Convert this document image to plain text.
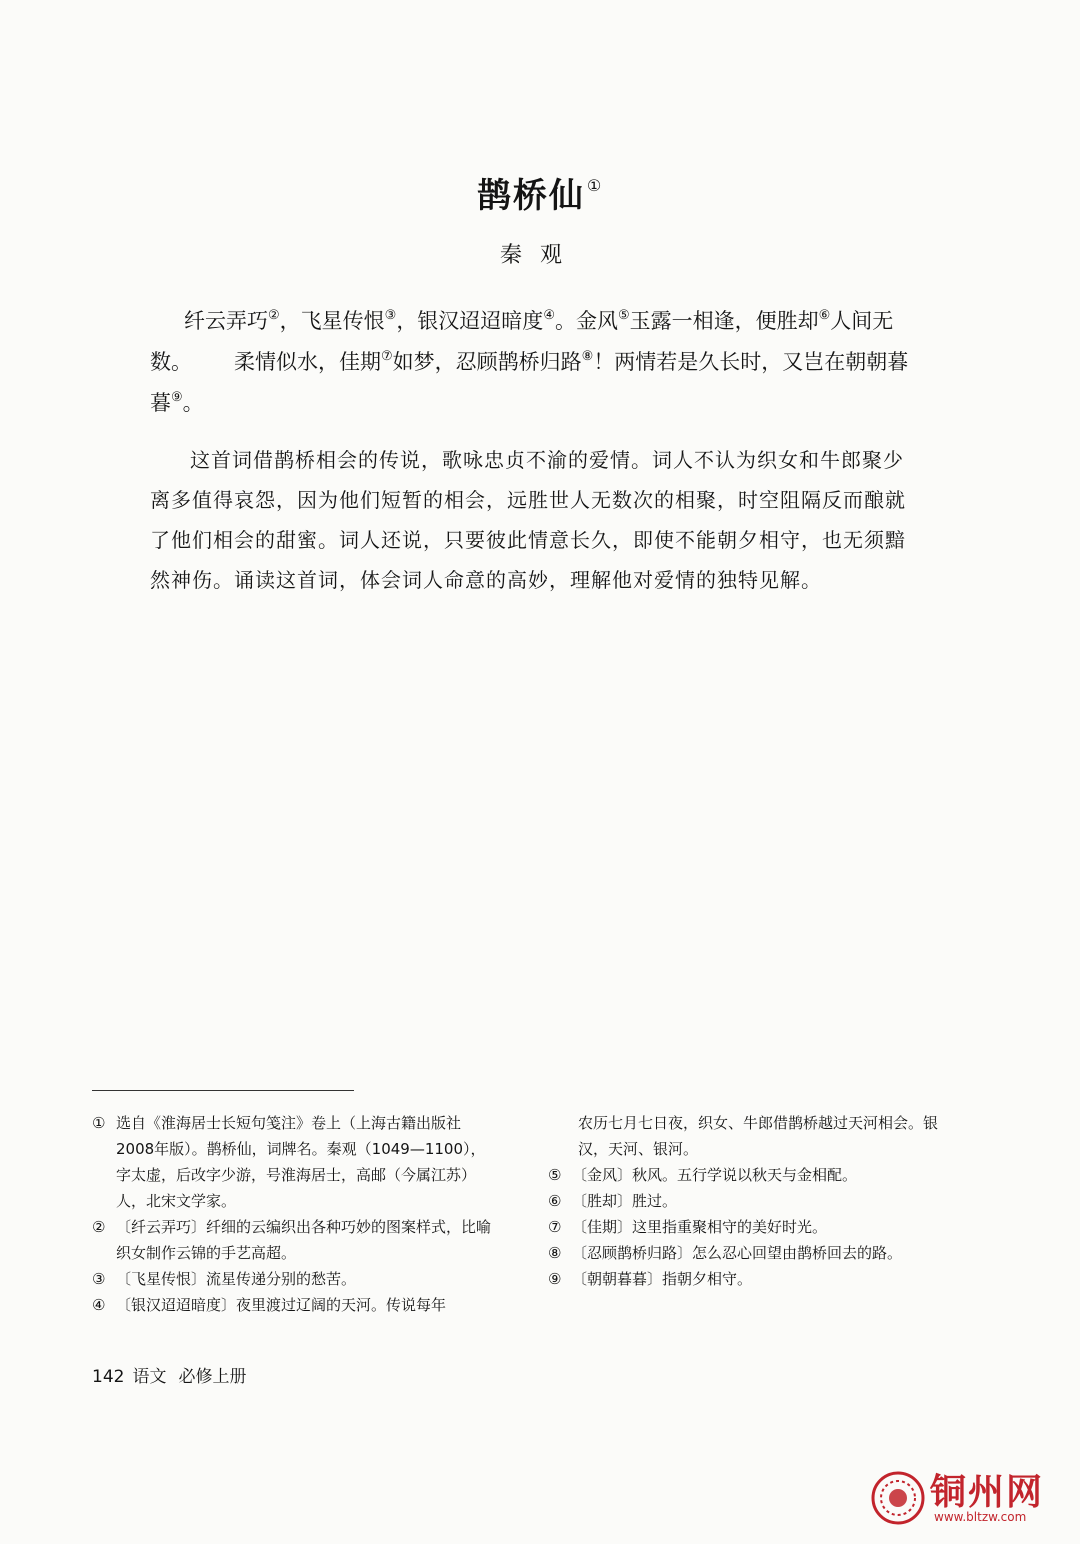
鹊桥仙 ①
秦观
纤云弄巧②，飞星传恨③，银汉迢迢暗度④。金风⑤玉露一相逢，便胜却⑥人间无数。 柔情似水，佳期⑦如梦，忍顾鹊桥归路⑧！两情若是久长时，又岂在朝朝暮暮⑨。
这首词借鹊桥相会的传说，歌咏忠贞不渝的爱情。词人不认为织女和牛郎聚少离多值得哀怨，因为他们短暂的相会，远胜世人无数次的相聚，时空阻隔反而酿就了他们相会的甜蜜。词人还说，只要彼此情意长久，即使不能朝夕相守，也无须黯然神伤。诵读这首词，体会词人命意的高妙，理解他对爱情的独特见解。
① 选自《淮海居士长短句笺注》卷上（上海古籍出版社2008年版）。鹊桥仙，词牌名。秦观（1049—1100），字太虚，后改字少游，号淮海居士，高邮（今属江苏）人，北宋文学家。
② 〔纤云弄巧〕纤细的云编织出各种巧妙的图案样式，比喻织女制作云锦的手艺高超。
③ 〔飞星传恨〕流星传递分别的愁苦。
④ 〔银汉迢迢暗度〕夜里渡过辽阔的天河。传说每年
农历七月七日夜，织女、牛郎借鹊桥越过天河相会。银汉，天河、银河。
⑤ 〔金风〕秋风。五行学说以秋天与金相配。
⑥ 〔胜却〕胜过。
⑦ 〔佳期〕这里指重聚相守的美好时光。
⑧ 〔忍顾鹊桥归路〕怎么忍心回望由鹊桥回去的路。
⑨ 〔朝朝暮暮〕指朝夕相守。
142 语文 必修上册
铜州网
www.bltzw.com
